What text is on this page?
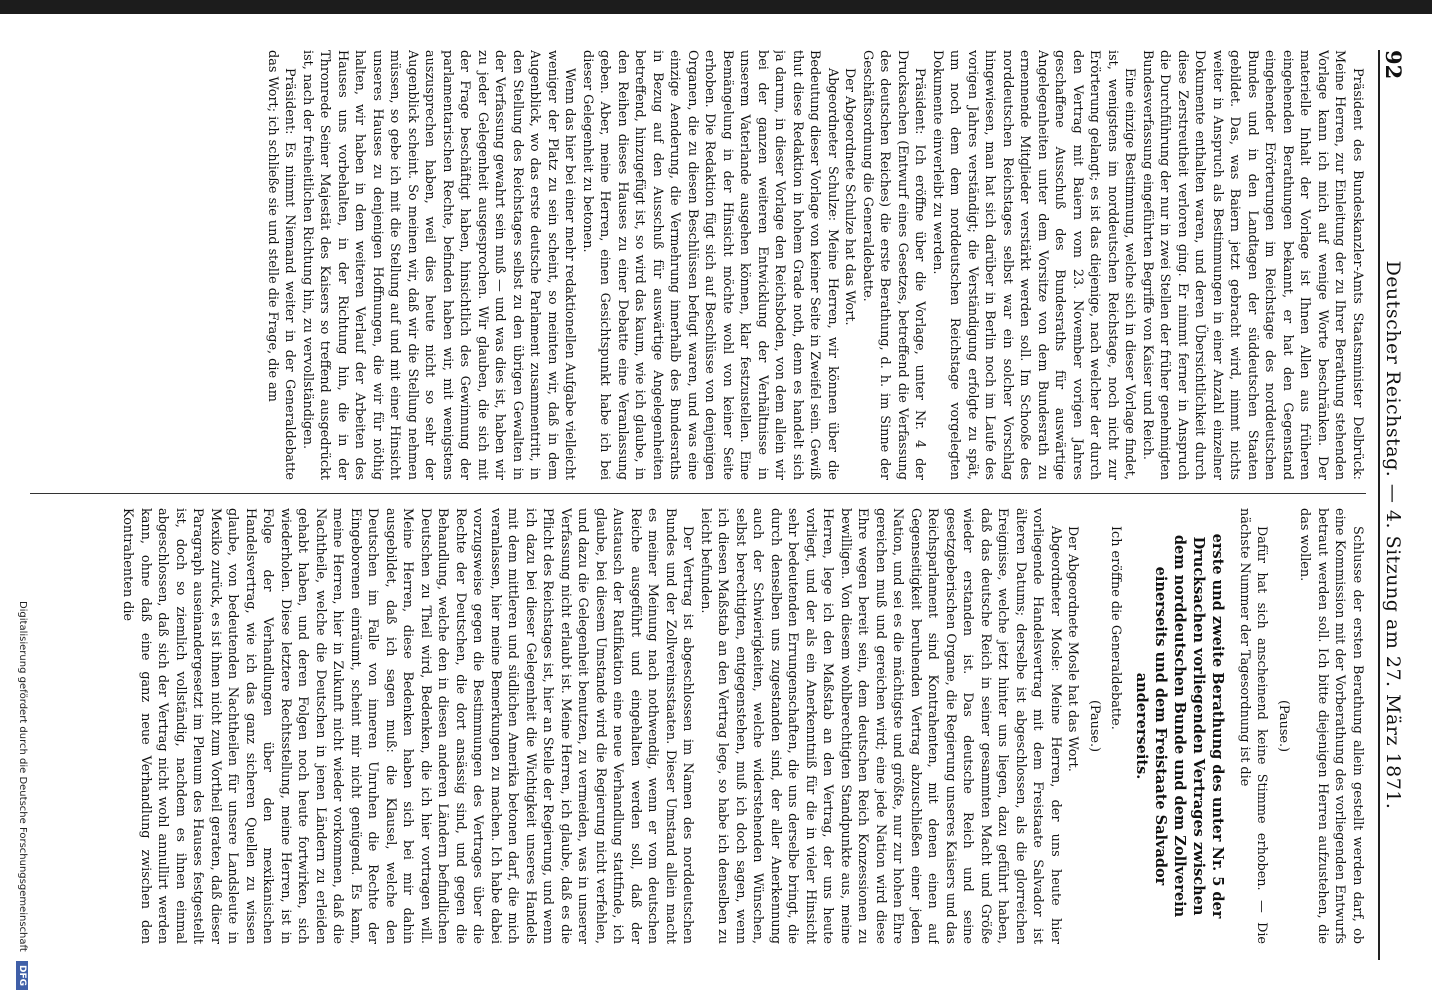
92
Deutscher Reichstag. — 4. Sitzung am 27. März 1871.

Präsident des Bundeskanzler-Amts Staatsminister Delbrück: Meine Herren, zur Einleitung der zu Ihrer Berathung stehenden Vorlage kann ich mich auf wenige Worte beschränken. Der materielle Inhalt der Vorlage ist Ihnen Allen aus früheren eingehenden Berathungen bekannt, er hat den Gegenstand eingehender Erörterungen im Reichstage des norddeutschen Bundes und in den Landtagen der süddeutschen Staaten gebildet. Das, was Baiern jetzt gebracht wird, nimmt nichts weiter in Anspruch als Bestimmungen in einer Anzahl einzelner Dokumente enthalten waren, und deren Übersichtlichkeit durch diese Zerstreutheit verloren ging. Er nimmt ferner in Anspruch die Durchführung der nur in zwei Stellen der früher genehmigten Bundesverfassung eingeführten Begriffe von Kaiser und Reich.

Eine einzige Bestimmung, welche sich in dieser Vorlage findet, ist, wenigstens im norddeutschen Reichstage, noch nicht zur Erörterung gelangt; es ist das diejenige, nach welcher der durch den Vertrag mit Baiern vom 23. November vorigen Jahres geschaffene Ausschuß des Bundesraths für auswärtige Angelegenheiten unter dem Vorsitze von dem Bundesrath zu ernennende Mitglieder verstärkt werden soll. Im Schooße des norddeutschen Reichstages selbst war ein solcher Vorschlag hingewiesen, man hat sich darüber in Berlin noch im Laufe des vorigen Jahres verständigt; die Verständigung erfolgte zu spät, um noch dem dem norddeutschen Reichstage vorgelegten Dokumente einverleibt zu werden.

Präsident: Ich eröffne über die Vorlage, unter Nr. 4 der Drucksachen (Entwurf eines Gesetzes, betreffend die Verfassung des deutschen Reiches) die erste Berathung, d. h. im Sinne der Geschäftsordnung die Generaldebatte.

Der Abgeordnete Schulze hat das Wort.

Abgeordneter Schulze: Meine Herren, wir können über die Bedeutung dieser Vorlage von keiner Seite in Zweifel sein. Gewiß thut diese Redaktion in hohem Grade noth, denn es handelt sich ja darum, in dieser Vorlage den Reichsboden, von dem allein wir bei der ganzen weiteren Entwicklung der Verhältnisse in unserem Vaterlande ausgehen können, klar festzustellen. Eine Bemängelung in der Hinsicht möchte wohl von keiner Seite erhoben. Die Redaktion fügt sich auf Beschlüsse von denjenigen Organen, die zu diesen Beschlüssen befugt waren, und was eine einzige Aenderung, die Vermehrung innerhalb des Bundesraths in Bezug auf den Ausschuß für auswärtige Angelegenheiten betreffend, hinzugefügt ist, so wird das kaum, wie ich glaube, in den Reihen dieses Hauses zu einer Debatte eine Veranlassung geben. Aber, meine Herren, einen Gesichtspunkt habe ich bei dieser Gelegenheit zu betonen.

Wenn das hier bei einer mehr redaktionellen Aufgabe vielleicht weniger der Platz zu sein scheint, so meinten wir, daß in dem Augenblick, wo das erste deutsche Parlament zusammentritt, in den Stellung des Reichstages selbst zu den übrigen Gewalten in der Verfassung gewahrt sein muß — und was dies ist, haben wir zu jeder Gelegenheit ausgesprochen. Wir glauben, die sich mit der Frage beschäftigt haben, hinsichtlich des Gewinnung der parlamentarischen Rechte, befinden haben wir, mit wenigstens auszusprechen haben, weil dies heute nicht so sehr der Augenblick scheint. So meinen wir, daß wir die Stellung nehmen müssen, so gebe ich mit die Stellung auf und mit einer Hinsicht unseres Hauses zu denjenigen Hoffnungen, die wir für nöthig halten, wir haben in dem weiteren Verlauf der Arbeiten des Hauses uns vorbehalten, in der Richtung hin, die in der Thronrede Seiner Majestät des Kaisers so treffend ausgedrückt ist, nach der freiheitlichen Richtung hin, zu vervollständigen.

Präsident: Es nimmt Niemand weiter in der Generaldebatte das Wort; ich schließe sie und stelle die Frage, die am

Schlusse der ersten Berathung allein gestellt werden darf, ob eine Kommission mit der Vorberathung des vorliegenden Entwurfs betraut werden soll. Ich bitte diejenigen Herren aufzustehen, die das wollen.

(Pause.)

Dafür hat sich anscheinend keine Stimme erhoben. — Die nächste Nummer der Tagesordnung ist die

erste und zweite Berathung des unter Nr. 5 der Drucksachen vorliegenden Vertrages zwischen dem norddeutschen Bunde und dem Zollverein einerseits und dem Freistaate Salvador andererseits.

Ich eröffne die Generaldebatte.

(Pause.)

Der Abgeordnete Mosle hat das Wort.

Abgeordneter Mosle: Meine Herren, der uns heute hier vorliegende Handelsvertrag mit dem Freistaate Salvador ist älteren Datums; derselbe ist abgeschlossen, als die glorreichen Ereignisse, welche jetzt hinter uns liegen, dazu geführt haben, daß das deutsche Reich in seiner gesammten Macht und Größe wieder erstanden ist. Das deutsche Reich und seine gesetzgeberischen Organe, die Regierung unseres Kaisers und das Reichsparlament sind Kontrahenten, mit denen einen auf Gegenseitigkeit beruhenden Vertrag abzuschließen einer jeden Nation, und sei es die mächtigste und größte, nur zur hohen Ehre gereichen muß und gereichen wird; eine jede Nation wird diese Ehre wegen bereit sein, dem deutschen Reich Konzessionen zu bewilligen. Von diesem wohlberechtigten Standpunkte aus, meine Herren, lege ich den Maßstab an den Vertrag, der uns heute vorliegt, und der als ein Anerkenntniß für die in vieler Hinsicht sehr bedeutenden Errungenschaften, die uns derselbe bringt, die durch denselben uns zugestanden sind, der aller Anerkennung auch der Schwierigkeiten, welche widerstehenden Wünschen, selbst berechtigten, entgegenstehen, muß ich doch sagen, wenn ich diesen Maßstab an den Vertrag lege, so habe ich denselben zu leicht befunden.

Der Vertrag ist abgeschlossen im Namen des norddeutschen Bundes und der Zollvereinsstaaten. Dieser Umstand allein macht es meiner Meinung nach nothwendig, wenn er vom deutschen Reiche ausgeführt und eingehalten werden soll, daß der Austausch der Ratifikation eine neue Verhandlung stattfinde, ich glaube, bei diesem Umstande wird die Regierung nicht verfehlen, und dazu die Gelegenheit benutzen, zu vermeiden, was in unserer Verfassung nicht erlaubt ist. Meine Herren, ich glaube, daß es die Pflicht des Reichstages ist, hier an Stelle der Regierung, und wenn ich dazu bei dieser Gelegenheit die Wichtigkeit unseres Handels mit dem mittleren und südlichen Amerika betonen darf, die mich veranlassen, hier meine Bemerkungen zu machen. Ich habe dabei vorzugsweise gegen die Bestimmungen des Vertrages über die Rechte der Deutschen, die dort ansässig sind, und gegen die Behandlung, welche den in diesen anderen Ländern befindlichen Deutschen zu Theil wird, Bedenken, die ich hier vortragen will. Meine Herren, diese Bedenken haben sich bei mir dahin ausgebildet, daß ich sagen muß: die Klausel, welche den Deutschen im Falle von inneren Unruhen die Rechte der Eingeborenen einräumt, scheint mir nicht genügend. Es kann, meine Herren, hier in Zukunft nicht wieder vorkommen, daß die Nachtheile, welche die Deutschen in jenen Ländern zu erleiden gehabt haben, und deren Folgen noch heute fortwirken, sich wiederholen. Diese letztere Rechtsstellung, meine Herren, ist in Folge der Verhandlungen über den mexikanischen Handelsvertrag, wie ich das ganz sicheren Quellen zu wissen glaube, von bedeutenden Nachtheilen für unsere Landsleute in Mexiko zurück, es ist ihnen nicht zum Vortheil geraten, daß dieser Paragraph auseinandergesetzt im Plenum des Hauses festgestellt ist, doch so ziemlich vollständig, nachdem es ihnen einmal abgeschlossen, daß sich der Vertrag nicht wohl annullirt werden kann, ohne daß eine ganz neue Verhandlung zwischen den Kontrahenten die

Digitalisierung gefördert durch die Deutsche Forschungsgemeinschaft DFG
